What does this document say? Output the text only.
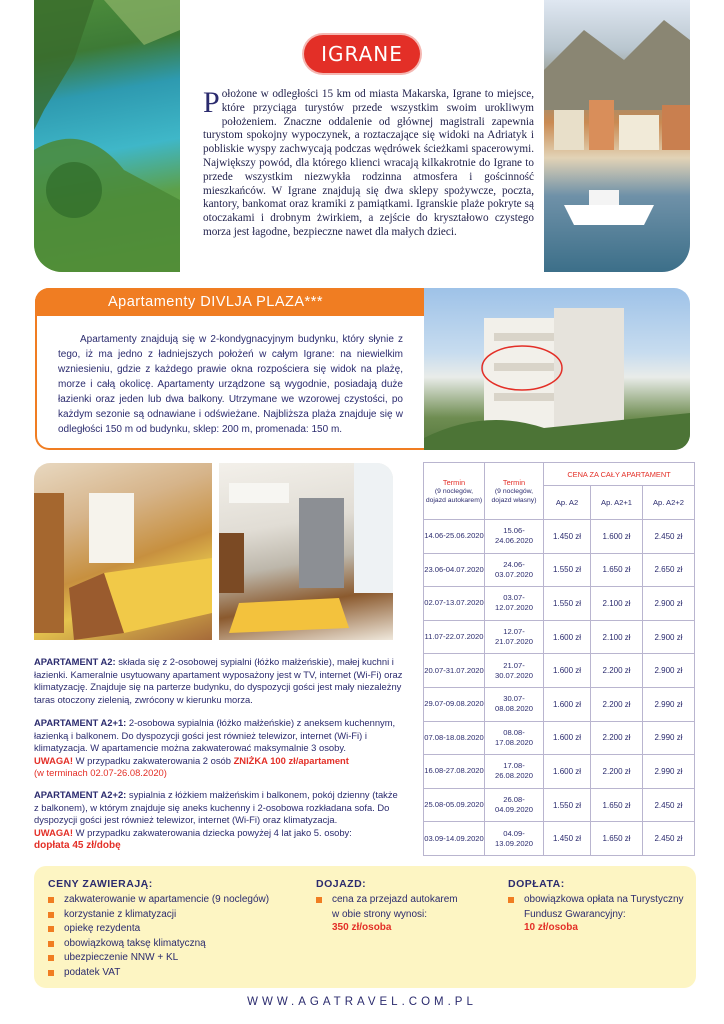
IGRANE
Położone w odległości 15 km od miasta Makarska, Igrane to miejsce, które przyciąga turystów przede wszystkim swoim urokliwym położeniem. Znaczne oddalenie od głównej magistrali zapewnia turystom spokojny wypoczynek, a roztaczające się widoki na Adriatyk i pobliskie wyspy zachwycają podczas wędrówek ścieżkami spacerowymi. Największy powód, dla którego klienci wracają kilkakrotnie do Igrane to przede wszystkim niezwykła rodzinna atmosfera i gościnność mieszkańców. W Igrane znajdują się dwa sklepy spożywcze, poczta, kantory, bankomat oraz kramiki z pamiątkami. Igranskie plaże pokryte są otoczakami i drobnym żwirkiem, a zejście do kryształowo czystego morza jest łagodne, bezpieczne nawet dla małych dzieci.
Apartamenty DIVLJA PLAZA***
Apartamenty znajdują się w 2-kondygnacyjnym budynku, który słynie z tego, iż ma jedno z ładniejszych położeń w całym Igrane: na niewielkim wzniesieniu, gdzie z każdego prawie okna rozpościera się widok na plażę, morze i całą okolicę. Apartamenty urządzone są wygodnie, posiadają duże łazienki oraz jeden lub dwa balkony. Utrzymane we wzorowej czystości, po każdym sezonie są odnawiane i odświeżane. Najbliższa plaża znajduje się w odległości 150 m od budynku, sklep: 200 m, promenada: 150 m.
APARTAMENT A2: składa się z 2-osobowej sypialni (łóżko małżeńskie), małej kuchni i łazienki. Kameralnie usytuowany apartament wyposażony jest w TV, internet (Wi-Fi) oraz klimatyzację. Znajduje się na parterze budynku, do dyspozycji gości jest mały niezależny taras otoczony zielenią, zwrócony w kierunku morza.
APARTAMENT A2+1: 2-osobowa sypialnia (łóżko małżeńskie) z aneksem kuchennym, łazienką i balkonem. Do dyspozycji gości jest również telewizor, internet (Wi-Fi) i klimatyzacja. W apartamencie można zakwaterować maksymalnie 3 osoby.
UWAGA! W przypadku zakwaterowania 2 osób ZNIŻKA 100 zł/apartament
(w terminach 02.07-26.08.2020)
APARTAMENT A2+2: sypialnia z łóżkiem małżeńskim i balkonem, pokój dzienny (także z balkonem), w którym znajduje się aneks kuchenny i 2-osobowa rozkładana sofa. Do dyspozycji gości jest również telewizor, internet (Wi-Fi) oraz klimatyzacja.
UWAGA! W przypadku zakwaterowania dziecka powyżej 4 lat jako 5. osoby:
dopłata 45 zł/dobę
Termin
(9 noclegów, dojazd autokarem)	Termin
(9 noclegów, dojazd własny)	CENA ZA CAŁY APARTAMENT		
		Ap. A2	Ap. A2+1	Ap. A2+2
14.06-25.06.2020	15.06-24.06.2020	1.450 zł	1.600 zł	2.450 zł
23.06-04.07.2020	24.06-03.07.2020	1.550 zł	1.650 zł	2.650 zł
02.07-13.07.2020	03.07-12.07.2020	1.550 zł	2.100 zł	2.900 zł
11.07-22.07.2020	12.07-21.07.2020	1.600 zł	2.100 zł	2.900 zł
20.07-31.07.2020	21.07-30.07.2020	1.600 zł	2.200 zł	2.900 zł
29.07-09.08.2020	30.07-08.08.2020	1.600 zł	2.200 zł	2.990 zł
07.08-18.08.2020	08.08-17.08.2020	1.600 zł	2.200 zł	2.990 zł
16.08-27.08.2020	17.08-26.08.2020	1.600 zł	2.200 zł	2.990 zł
25.08-05.09.2020	26.08-04.09.2020	1.550 zł	1.650 zł	2.450 zł
03.09-14.09.2020	04.09-13.09.2020	1.450 zł	1.650 zł	2.450 zł
CENY ZAWIERAJĄ:
zakwaterowanie w apartamencie (9 noclegów)
korzystanie z klimatyzacji
opiekę rezydenta
obowiązkową taksę klimatyczną
ubezpieczenie NNW + KL
podatek VAT
DOJAZD:
cena za przejazd autokarem w obie strony wynosi:
350 zł/osoba
DOPŁATA:
obowiązkowa opłata na Turystyczny Fundusz Gwarancyjny:
10 zł/osoba
WWW.AGATRAVEL.COM.PL
